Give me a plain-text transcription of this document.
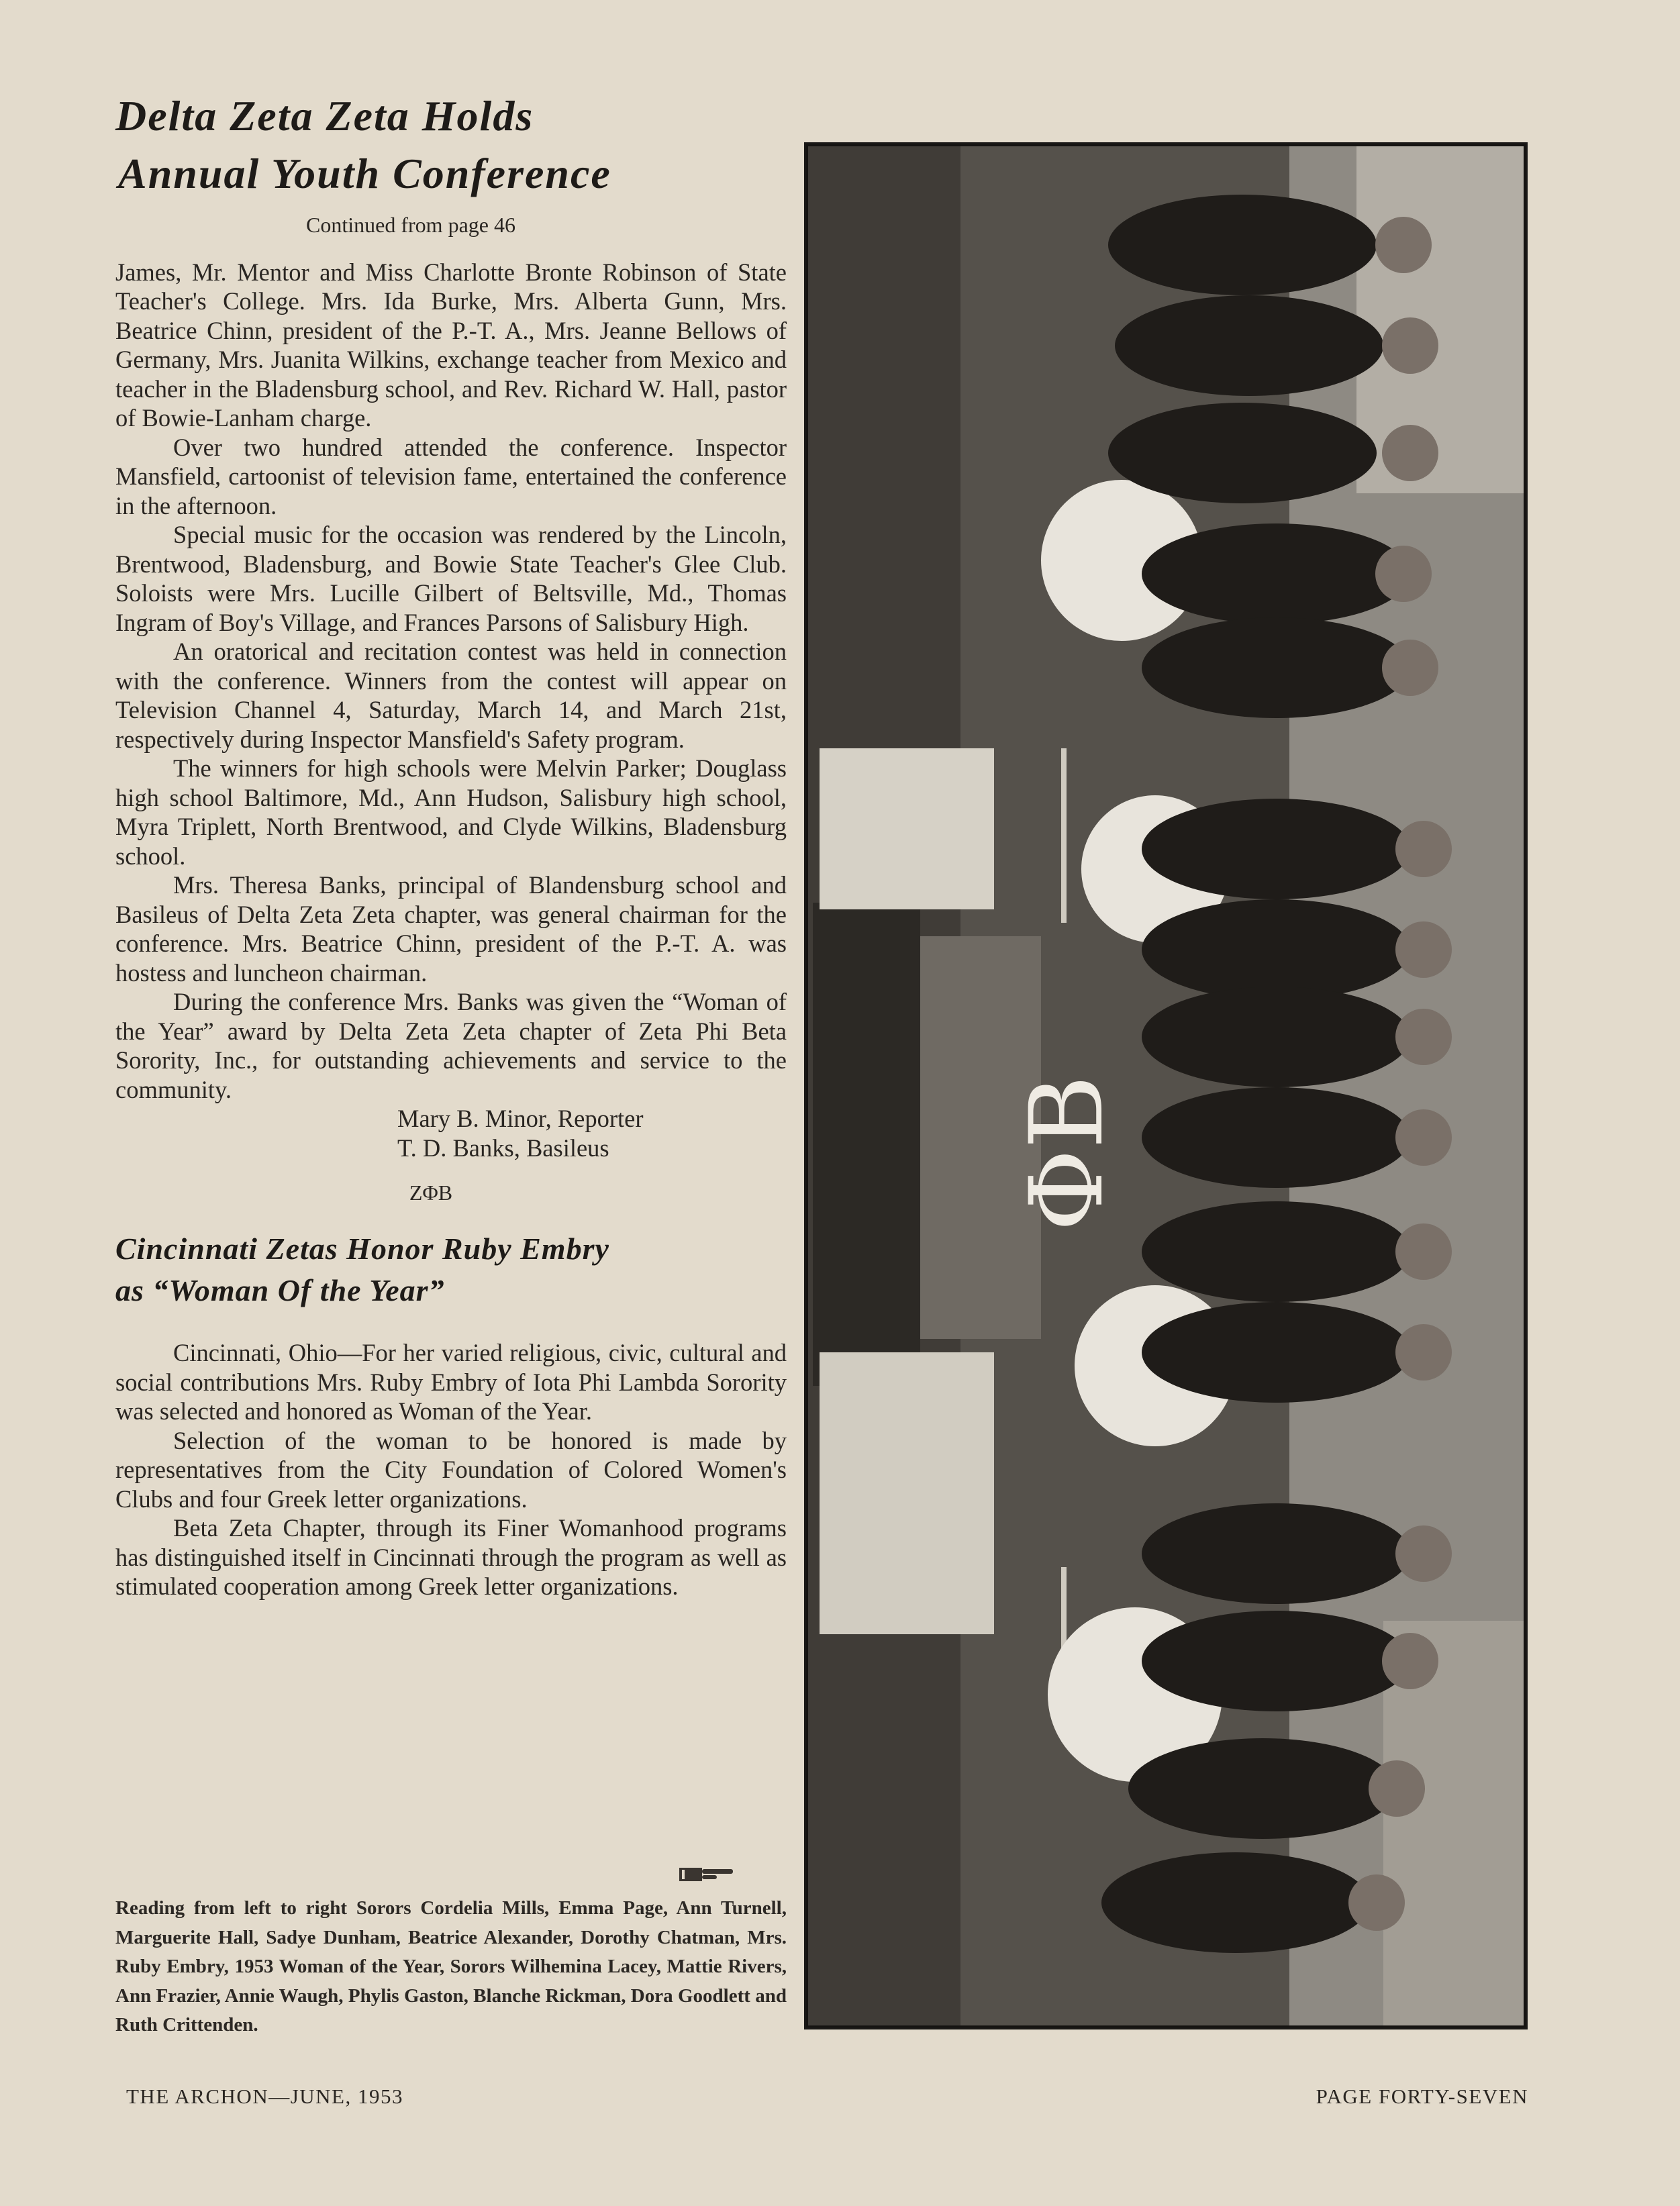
Delta Zeta Zeta Holds
Annual Youth Conference
Continued from page 46

James, Mr. Mentor and Miss Charlotte Bronte Robinson of State Teacher's College. Mrs. Ida Burke, Mrs. Alberta Gunn, Mrs. Beatrice Chinn, president of the P.-T. A., Mrs. Jeanne Bellows of Germany, Mrs. Juanita Wilkins, exchange teacher from Mexico and teacher in the Bladensburg school, and Rev. Richard W. Hall, pastor of Bowie-Lanham charge.

Over two hundred attended the conference. Inspector Mansfield, cartoonist of television fame, entertained the conference in the afternoon.

Special music for the occasion was rendered by the Lincoln, Brentwood, Bladensburg, and Bowie State Teacher's Glee Club. Soloists were Mrs. Lucille Gilbert of Beltsville, Md., Thomas Ingram of Boy's Village, and Frances Parsons of Salisbury High.

An oratorical and recitation contest was held in connection with the conference. Winners from the contest will appear on Television Channel 4, Saturday, March 14, and March 21st, respectively during Inspector Mansfield's Safety program.

The winners for high schools were Melvin Parker; Douglass high school Baltimore, Md., Ann Hudson, Salisbury high school, Myra Triplett, North Brentwood, and Clyde Wilkins, Bladensburg school.

Mrs. Theresa Banks, principal of Blandensburg school and Basileus of Delta Zeta Zeta chapter, was general chairman for the conference. Mrs. Beatrice Chinn, president of the P.-T. A. was hostess and luncheon chairman.

During the conference Mrs. Banks was given the “Woman of the Year” award by Delta Zeta Zeta chapter of Zeta Phi Beta Sorority, Inc., for outstanding achievements and service to the community.

Mary B. Minor, Reporter
T. D. Banks, Basileus
ZΦB
Cincinnati Zetas Honor Ruby Embry
as “Woman Of the Year”

Cincinnati, Ohio—For her varied religious, civic, cultural and social contributions Mrs. Ruby Embry of Iota Phi Lambda Sorority was selected and honored as Woman of the Year.

Selection of the woman to be honored is made by representatives from the City Foundation of Colored Women's Clubs and four Greek letter organizations.

Beta Zeta Chapter, through its Finer Womanhood programs has distinguished itself in Cincinnati through the program as well as stimulated cooperation among Greek letter organizations.

Reading from left to right Sorors Cordelia Mills, Emma Page, Ann Turnell, Marguerite Hall, Sadye Dunham, Beatrice Alexander, Dorothy Chatman, Mrs. Ruby Embry, 1953 Woman of the Year, Sorors Wilhemina Lacey, Mattie Rivers, Ann Frazier, Annie Waugh, Phylis Gaston, Blanche Rickman, Dora Goodlett and Ruth Crittenden.
ΦB
THE ARCHON—JUNE, 1953	PAGE FORTY-SEVEN
